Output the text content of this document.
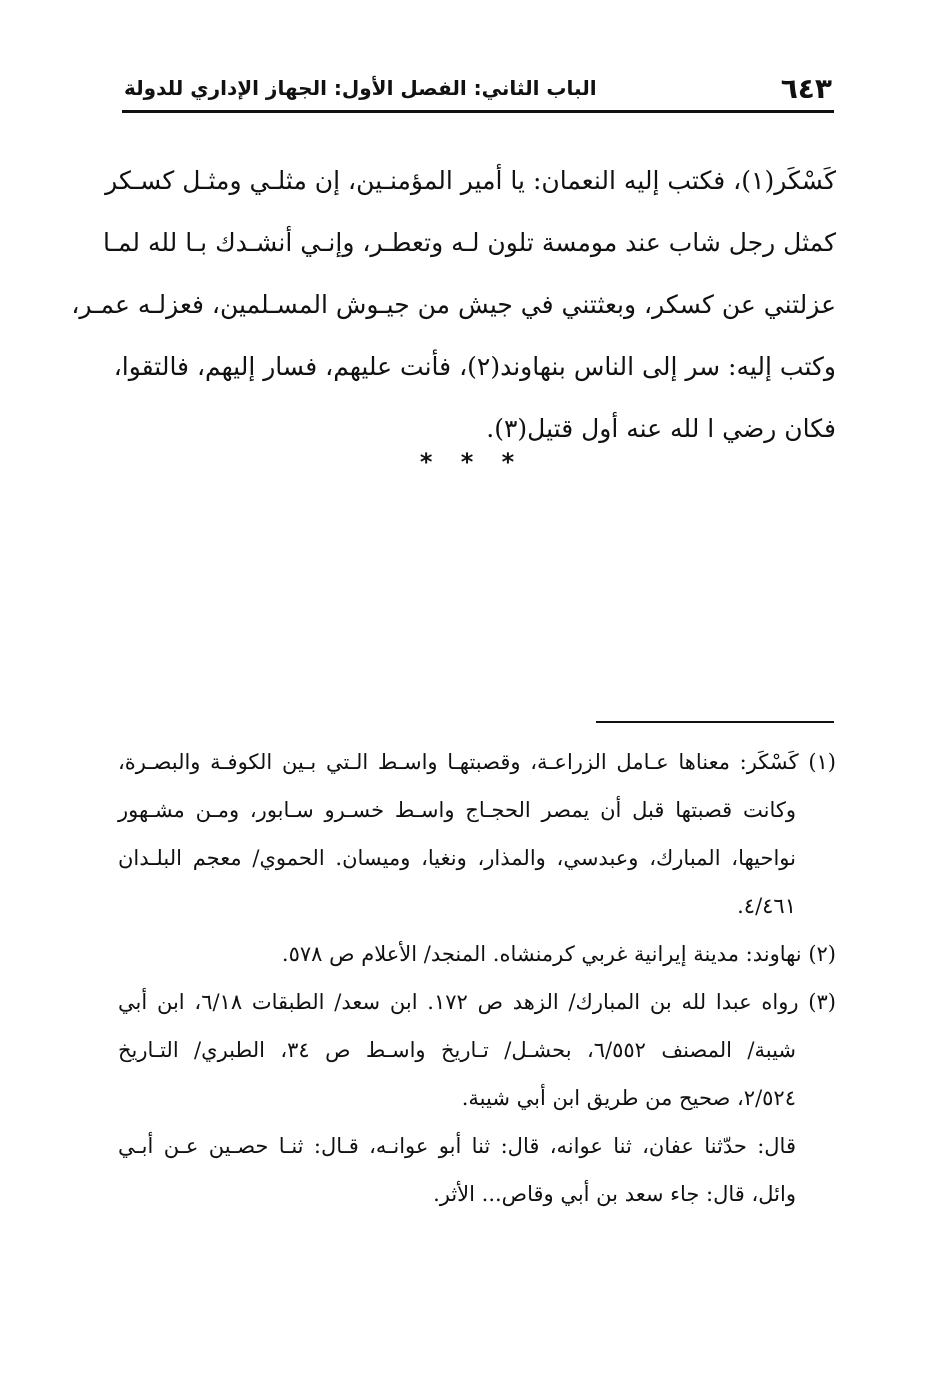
٦٤٣
الباب الثاني: الفصل الأول: الجهاز الإداري للدولة
كَسْكَر(١)، فكتب إليه النعمان: يا أمير المؤمنـين، إن مثلـي ومثـل كسـكر
كمثل رجل شاب عند مومسة تلون لـه وتعطـر، وإنـي أنشـدك بـا لله لمـا
عزلتني عن كسكر، وبعثتني في جيش من جيـوش المسـلمين، فعزلـه عمـر،
وكتب إليه: سر إلى الناس بنهاوند(٢)، فأنت عليهم، فسار إليهم، فالتقوا،
فكان رضي ا لله عنه أول قتيل(٣).
* * *
(١) كَسْكَر: معناها عـامل الزراعـة، وقصبتهـا واسـط الـتي بـين الكوفـة والبصـرة،
وكانت قصبتها قبل أن يمصر الحجـاج واسـط خسـرو سـابور، ومـن مشـهور
نواحيها، المبارك، وعبدسي، والمذار، ونغيا، وميسان. الحموي/ معجم البلـدان
٤/٤٦١.
(٢) نهاوند: مدينة إيرانية غربي كرمنشاه. المنجد/ الأعلام ص ٥٧٨.
(٣) رواه عبدا لله بن المبارك/ الزهد ص ١٧٢. ابن سعد/ الطبقات ٦/١٨، ابن أبي
شيبة/ المصنف ٦/٥٥٢، بحشـل/ تـاريخ واسـط ص ٣٤، الطبري/ التـاريخ
٢/٥٢٤، صحيح من طريق ابن أبي شيبة.
قال: حدّثنا عفان، ثنا عوانه، قال: ثنا أبو عوانـه، قـال: ثنـا حصـين عـن أبـي
وائل، قال: جاء سعد بن أبي وقاص... الأثر.
